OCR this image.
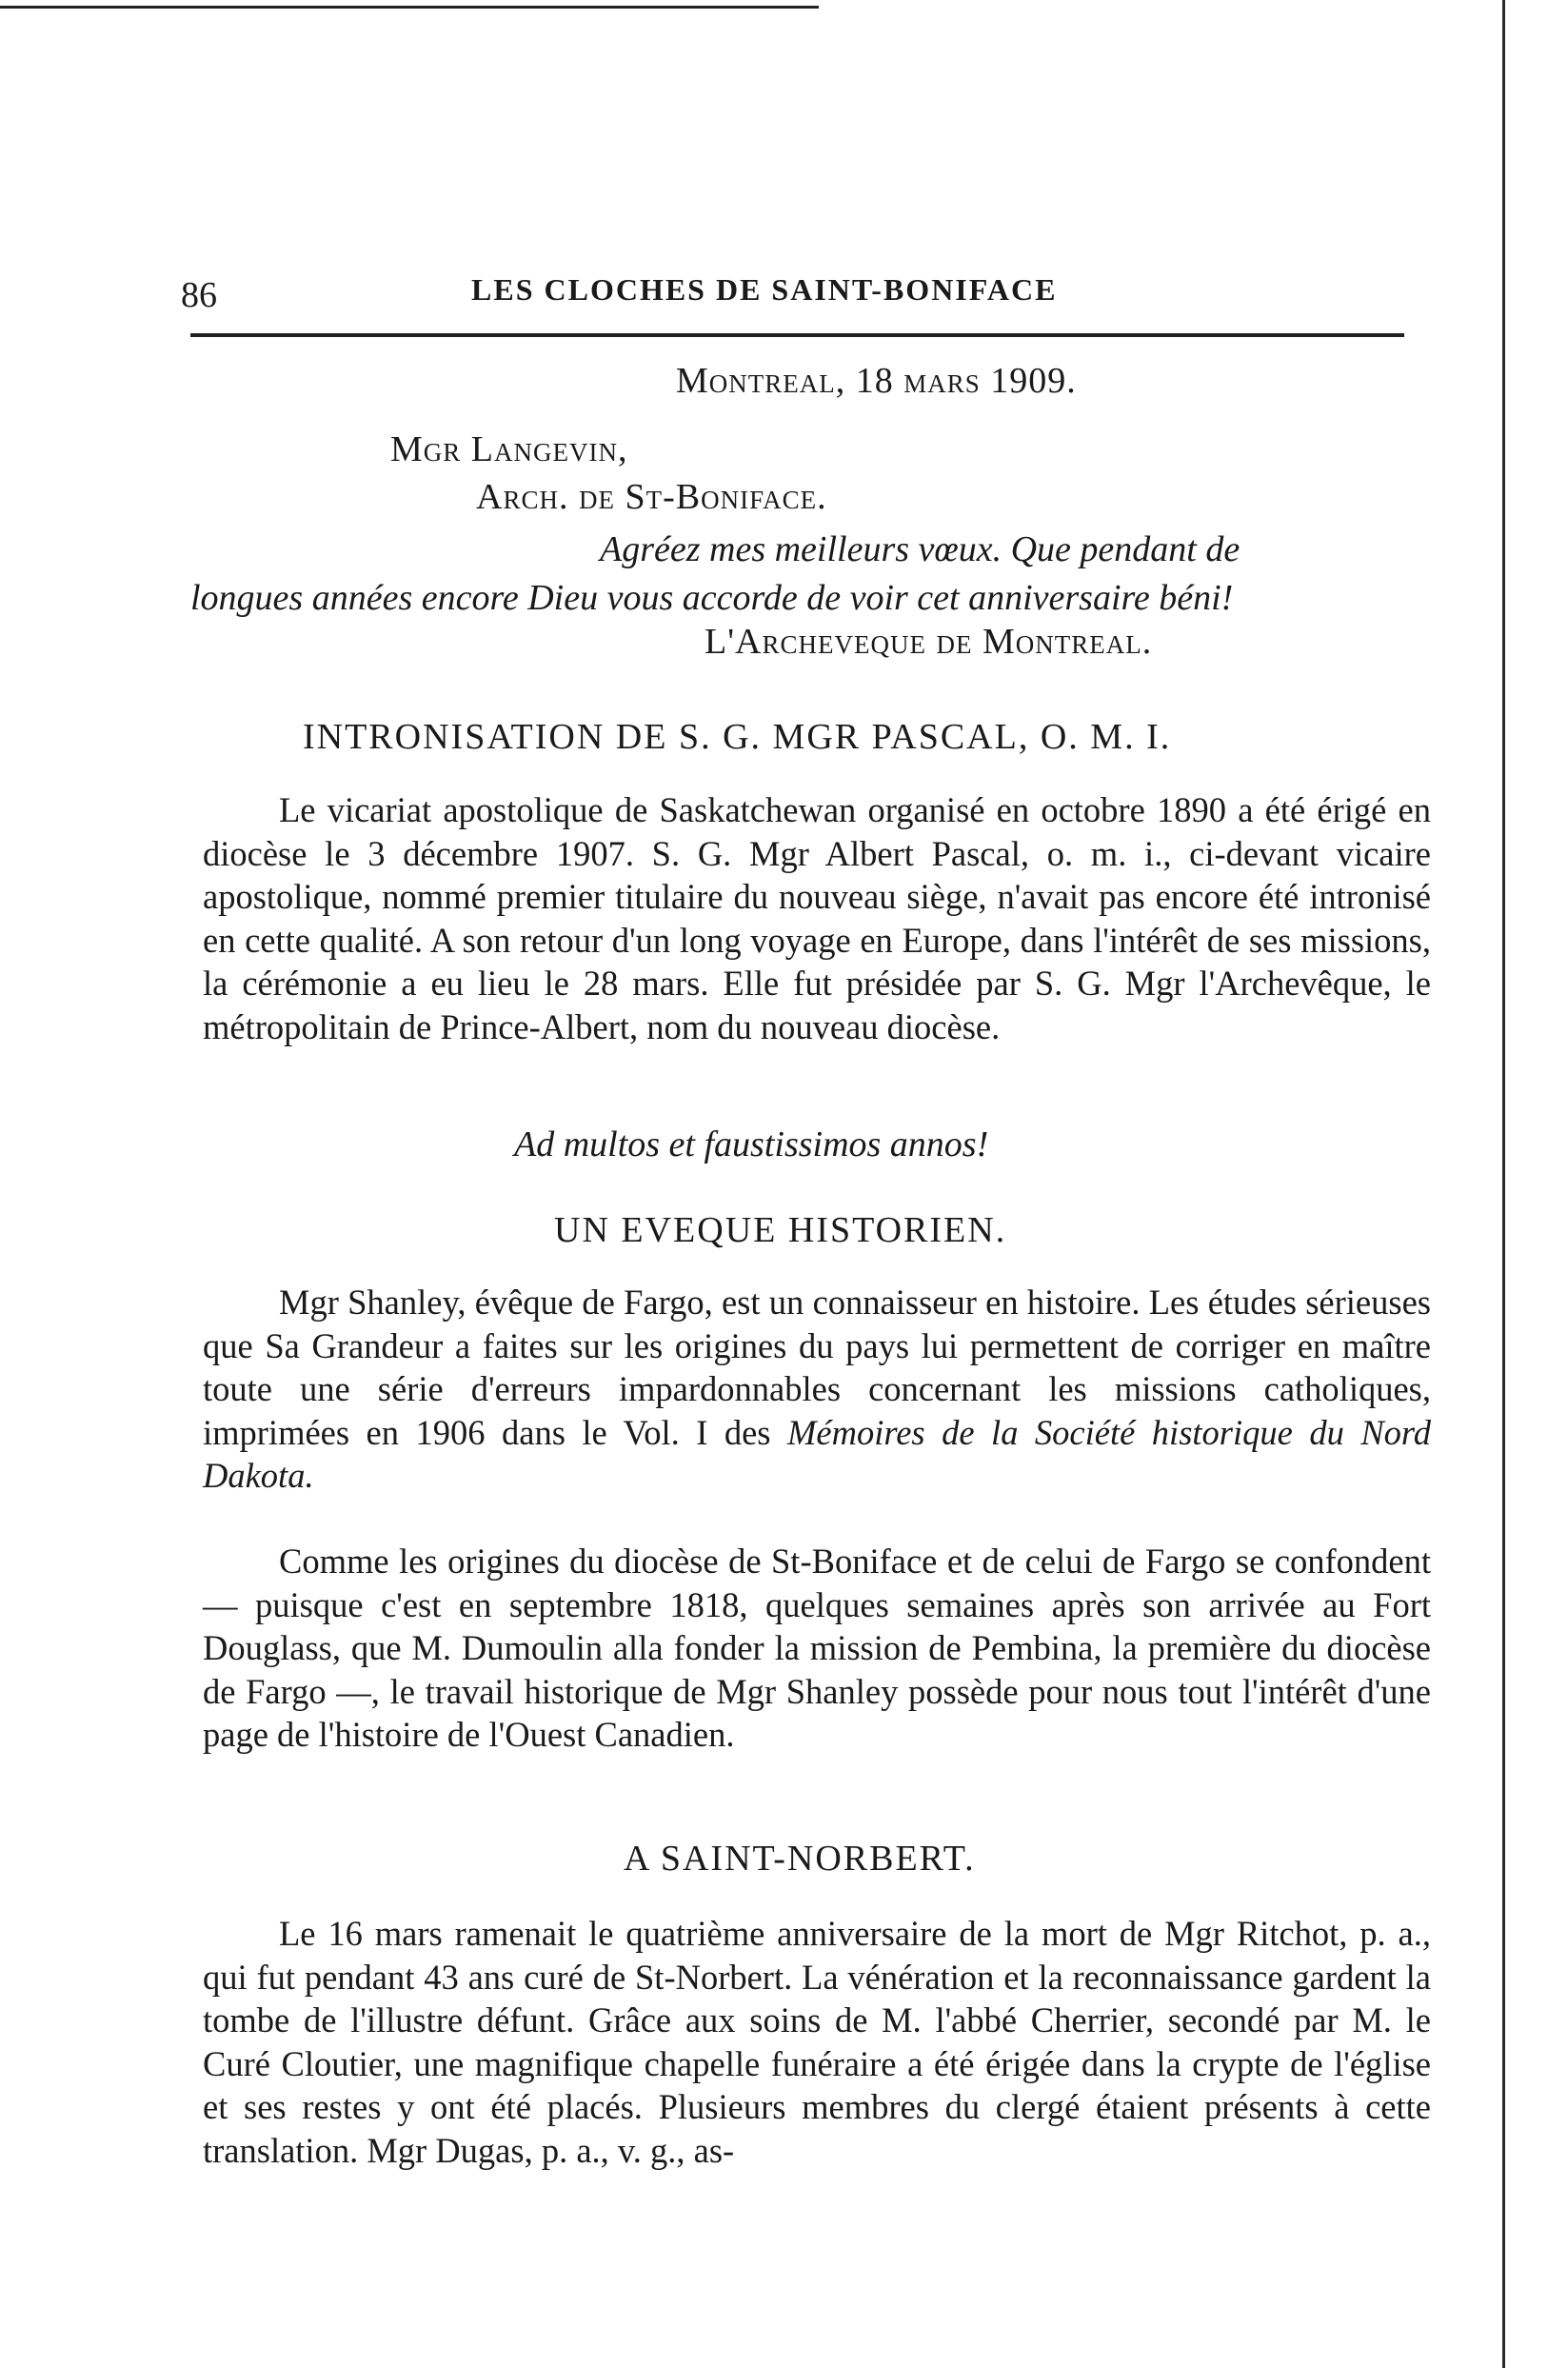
86	LES CLOCHES DE SAINT-BONIFACE
Montreal, 18 mars 1909.
Mgr Langevin,
Arch. de St-Boniface.
Agréez mes meilleurs vœux. Que pendant de
longues années encore Dieu vous accorde de voir cet anniversaire béni!
L'Archeveque de Montreal.
INTRONISATION DE S. G. MGR PASCAL, O. M. I.

Le vicariat apostolique de Saskatchewan organisé en octobre 1890 a été érigé en diocèse le 3 décembre 1907. S. G. Mgr Albert Pascal, o. m. i., ci-devant vicaire apostolique, nommé premier titulaire du nouveau siège, n'avait pas encore été intronisé en cette qualité. A son retour d'un long voyage en Europe, dans l'intérêt de ses missions, la cérémonie a eu lieu le 28 mars. Elle fut présidée par S. G. Mgr l'Archevêque, le métropolitain de Prince-Albert, nom du nouveau diocèse.

Ad multos et faustissimos annos!
UN EVEQUE HISTORIEN.

Mgr Shanley, évêque de Fargo, est un connaisseur en histoire. Les études sérieuses que Sa Grandeur a faites sur les origines du pays lui permettent de corriger en maître toute une série d'erreurs impardonnables concernant les missions catholiques, imprimées en 1906 dans le Vol. I des Mémoires de la Société historique du Nord Dakota.

Comme les origines du diocèse de St-Boniface et de celui de Fargo se confondent — puisque c'est en septembre 1818, quelques semaines après son arrivée au Fort Douglass, que M. Dumoulin alla fonder la mission de Pembina, la première du diocèse de Fargo —, le travail historique de Mgr Shanley possède pour nous tout l'intérêt d'une page de l'histoire de l'Ouest Canadien.

A SAINT-NORBERT.

Le 16 mars ramenait le quatrième anniversaire de la mort de Mgr Ritchot, p. a., qui fut pendant 43 ans curé de St-Norbert. La vénération et la reconnaissance gardent la tombe de l'illustre défunt. Grâce aux soins de M. l'abbé Cherrier, secondé par M. le Curé Cloutier, une magnifique chapelle funéraire a été érigée dans la crypte de l'église et ses restes y ont été placés. Plusieurs membres du clergé étaient présents à cette translation. Mgr Dugas, p. a., v. g., as-
